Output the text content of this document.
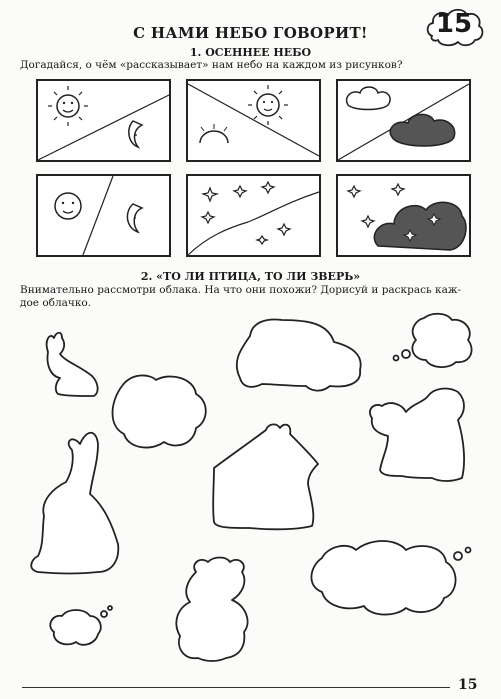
С НАМИ НЕБО ГОВОРИТ!	15
1. ОСЕННЕЕ НЕБО
Догадайся, о чём «рассказывает» нам небо на каждом из рисунков?
2. «ТО ЛИ ПТИЦА, ТО ЛИ ЗВЕРЬ»
Внимательно рассмотри облака. На что они похожи? Дорисуй и раскрась каж-
дое облачко.
15
